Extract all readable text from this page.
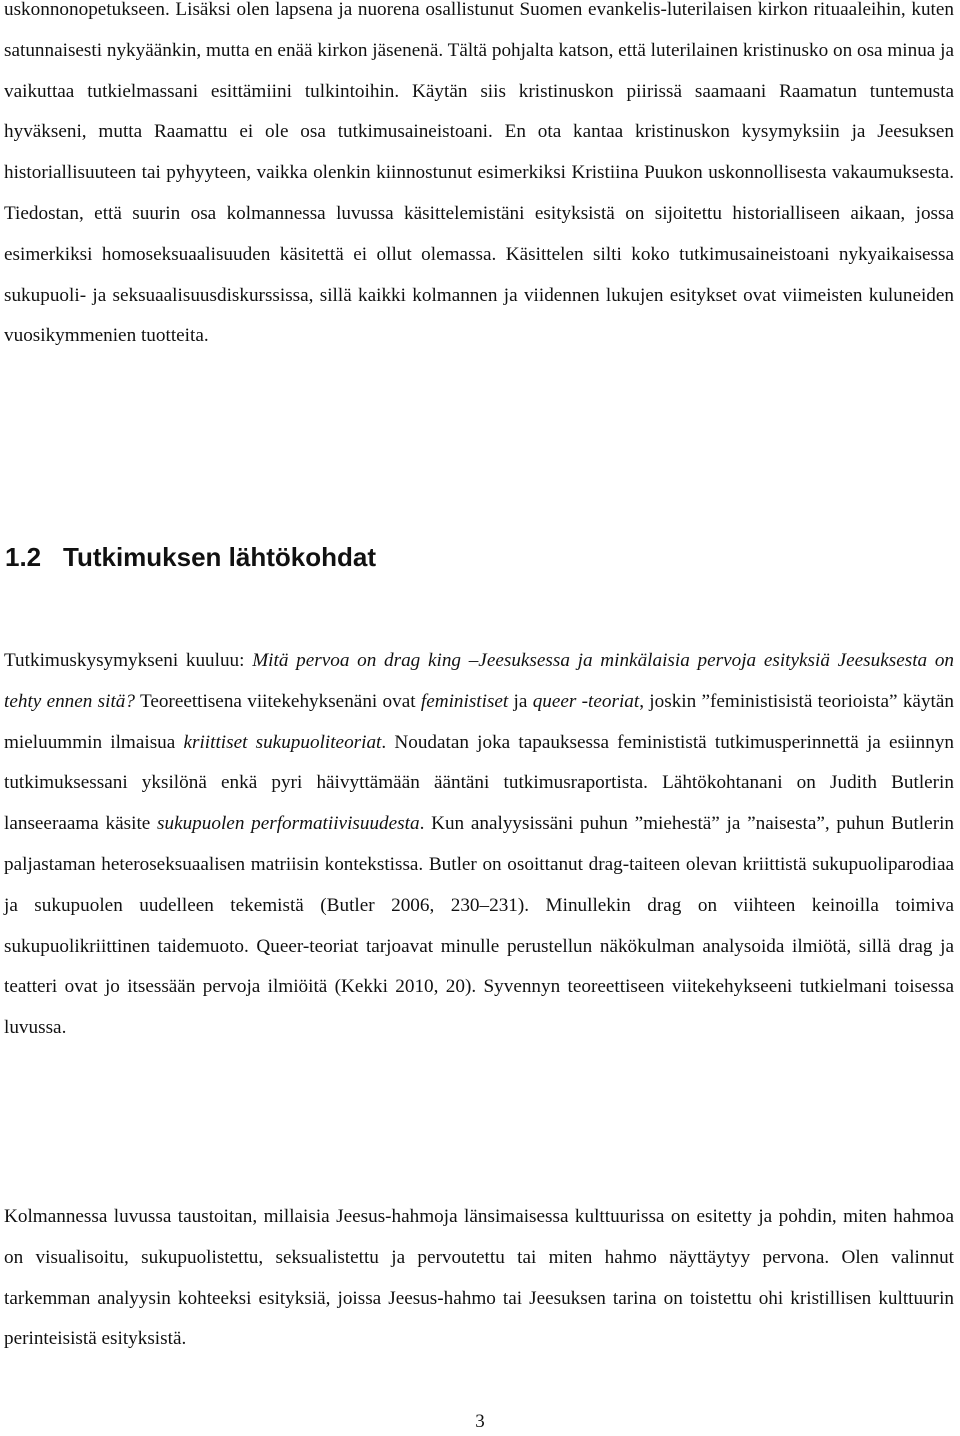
uskonnonopetukseen. Lisäksi olen lapsena ja nuorena osallistunut Suomen evankelis-luterilaisen kirkon rituaaleihin, kuten satunnaisesti nykyäänkin, mutta en enää kirkon jäsenenä. Tältä pohjalta katson, että luterilainen kristinusko on osa minua ja vaikuttaa tutkielmassani esittämiini tulkintoihin. Käytän siis kristinuskon piirissä saamaani Raamatun tuntemusta hyväkseni, mutta Raamattu ei ole osa tutkimusaineistoani. En ota kantaa kristinuskon kysymyksiin ja Jeesuksen historiallisuuteen tai pyhyyteen, vaikka olenkin kiinnostunut esimerkiksi Kristiina Puukon uskonnollisesta vakaumuksesta. Tiedostan, että suurin osa kolmannessa luvussa käsittelemistäni esityksistä on sijoitettu historialliseen aikaan, jossa esimerkiksi homoseksuaalisuuden käsitettä ei ollut olemassa. Käsittelen silti koko tutkimusaineistoani nykyaikaisessa sukupuoli- ja seksuaalisuusdiskurssissa, sillä kaikki kolmannen ja viidennen lukujen esitykset ovat viimeisten kuluneiden vuosikymmenien tuotteita.
1.2 Tutkimuksen lähtökohdat

Tutkimuskysymykseni kuuluu: Mitä pervoa on drag king –Jeesuksessa ja minkälaisia pervoja esityksiä Jeesuksesta on tehty ennen sitä? Teoreettisena viitekehyksenäni ovat feministiset ja queer -teoriat, joskin ”feministisistä teorioista” käytän mieluummin ilmaisua kriittiset sukupuoliteoriat. Noudatan joka tapauksessa feminististä tutkimusperinnettä ja esiinnyn tutkimuksessani yksilönä enkä pyri häivyttämään ääntäni tutkimusraportista. Lähtökohtanani on Judith Butlerin lanseeraama käsite sukupuolen performatiivisuudesta. Kun analyysissäni puhun ”miehestä” ja ”naisesta”, puhun Butlerin paljastaman heteroseksuaalisen matriisin kontekstissa. Butler on osoittanut drag-taiteen olevan kriittistä sukupuoliparodiaa ja sukupuolen uudelleen tekemistä (Butler 2006, 230–231). Minullekin drag on viihteen keinoilla toimiva sukupuolikriittinen taidemuoto. Queer-teoriat tarjoavat minulle perustellun näkökulman analysoida ilmiötä, sillä drag ja teatteri ovat jo itsessään pervoja ilmiöitä (Kekki 2010, 20). Syvennyn teoreettiseen viitekehykseeni tutkielmani toisessa luvussa.

Kolmannessa luvussa taustoitan, millaisia Jeesus-hahmoja länsimaisessa kulttuurissa on esitetty ja pohdin, miten hahmoa on visualisoitu, sukupuolistettu, seksualistettu ja pervoutettu tai miten hahmo näyttäytyy pervona. Olen valinnut tarkemman analyysin kohteeksi esityksiä, joissa Jeesus-hahmo tai Jeesuksen tarina on toistettu ohi kristillisen kulttuurin perinteisistä esityksistä.

3
